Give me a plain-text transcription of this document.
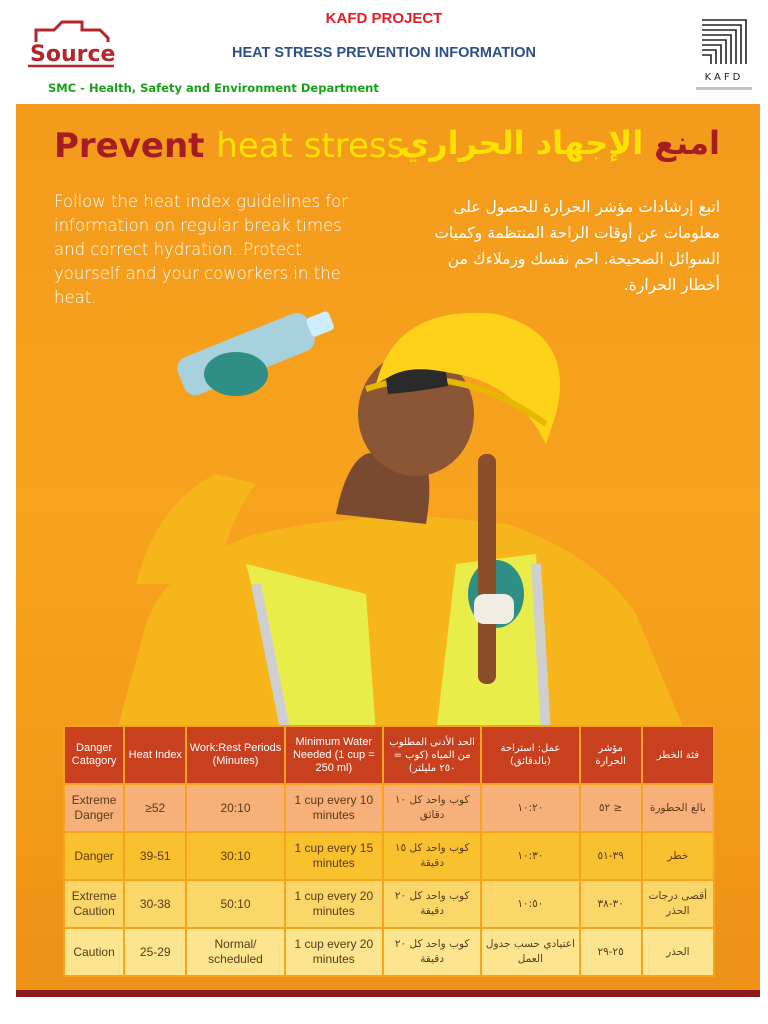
Source
KAFD PROJECT
HEAT STRESS PREVENTION INFORMATION
SMC - Health, Safety and Environment Department
KAFD
Prevent heat stress	امنع الإجهاد الحراري
Follow the heat index guidelines for information on regular break times and correct hydration. Protect yourself and your coworkers in the heat.
اتبع إرشادات مؤشر الحرارة للحصول على معلومات عن أوقات الراحة المنتظمة وكميات السوائل الصحيحة. احم نفسك وزملاءك من أخطار الحرارة.
Danger Catagory	Heat Index	Work:Rest Periods (Minutes)	Minimum Water Needed (1 cup = 250 ml)	الحد الأدنى المطلوب من المياه (كوب = ٢٥٠ مليلتر)	عمل: استراحة (بالدقائق)	مؤشر الحرارة	فئة الخطر
Extreme Danger	≥52	20:10	1 cup every 10 minutes	كوب واحد كل ١٠ دقائق	١٠:٢٠	≤ ٥٢	بالغ الخطورة
Danger	39-51	30:10	1 cup every 15 minutes	كوب واحد كل ١٥ دقيقة	١٠:٣٠	٣٩-٥١	خطر
Extreme Caution	30-38	50:10	1 cup every 20 minutes	كوب واحد كل ٢٠ دقيقة	١٠:٥٠	٣٠-٣٨	أقصى درجات الحذر
Caution	25-29	Normal/ scheduled	1 cup every 20 minutes	كوب واحد كل ٢٠ دقيقة	اعتيادي حسب جدول العمل	٢٥-٢٩	الحذر
